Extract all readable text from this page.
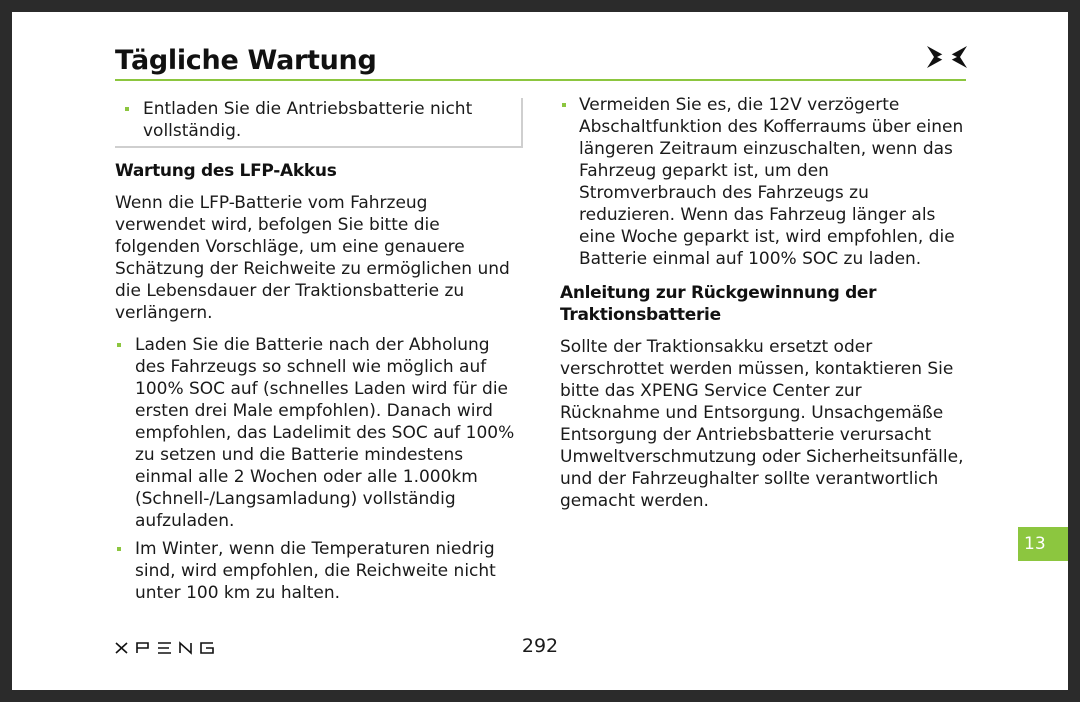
Tägliche Wartung
Entladen Sie die Antriebsbatterie nicht vollständig.
Wartung des LFP-Akkus

Wenn die LFP-Batterie vom Fahrzeug verwendet wird, befolgen Sie bitte die folgenden Vorschläge, um eine genauere Schätzung der Reichweite zu ermöglichen und die Lebensdauer der Traktionsbatterie zu verlängern.

Laden Sie die Batterie nach der Abholung des Fahrzeugs so schnell wie möglich auf 100% SOC auf (schnelles Laden wird für die ersten drei Male empfohlen). Danach wird empfohlen, das Ladelimit des SOC auf 100% zu setzen und die Batterie mindestens einmal alle 2 Wochen oder alle 1.000km (Schnell-/Langsamladung) vollständig aufzuladen.
Im Winter, wenn die Temperaturen niedrig sind, wird empfohlen, die Reichweite nicht unter 100 km zu halten.
Vermeiden Sie es, die 12V verzögerte Abschaltfunktion des Kofferraums über einen längeren Zeitraum einzuschalten, wenn das Fahrzeug geparkt ist, um den Stromverbrauch des Fahrzeugs zu reduzieren. Wenn das Fahrzeug länger als eine Woche geparkt ist, wird empfohlen, die Batterie einmal auf 100% SOC zu laden.
Anleitung zur Rückgewinnung der Traktionsbatterie

Sollte der Traktionsakku ersetzt oder verschrottet werden müssen, kontaktieren Sie bitte das XPENG Service Center zur Rücknahme und Entsorgung. Unsachgemäße Entsorgung der Antriebsbatterie verursacht Umweltverschmutzung oder Sicherheitsunfälle, und der Fahrzeughalter sollte verantwortlich gemacht werden.

13
292
